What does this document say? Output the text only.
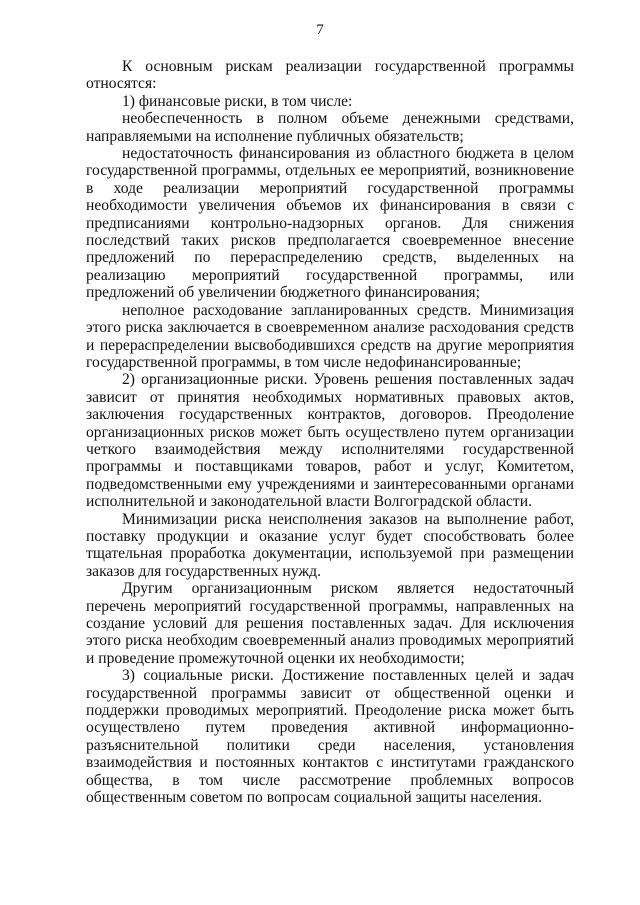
7

К основным рискам реализации государственной программы относятся:

1) финансовые риски, в том числе:

необеспеченность в полном объеме денежными средствами, направляемыми на исполнение публичных обязательств;

недостаточность финансирования из областного бюджета в целом государственной программы, отдельных ее мероприятий, возникновение в ходе реализации мероприятий государственной программы необходимости увеличения объемов их финансирования в связи с предписаниями контрольно-надзорных органов. Для снижения последствий таких рисков предполагается своевременное внесение предложений по перераспределению средств, выделенных на реализацию мероприятий государственной программы, или предложений об увеличении бюджетного финансирования;

неполное расходование запланированных средств. Минимизация этого риска заключается в своевременном анализе расходования средств и перераспределении высвободившихся средств на другие мероприятия государственной программы, в том числе недофинансированные;

2) организационные риски. Уровень решения поставленных задач зависит от принятия необходимых нормативных правовых актов, заключения государственных контрактов, договоров. Преодоление организационных рисков может быть осуществлено путем организации четкого взаимодействия между исполнителями государственной программы и поставщиками товаров, работ и услуг, Комитетом, подведомственными ему учреждениями и заинтересованными органами исполнительной и законодательной власти Волгоградской области.

Минимизации риска неисполнения заказов на выполнение работ, поставку продукции и оказание услуг будет способствовать более тщательная проработка документации, используемой при размещении заказов для государственных нужд.

Другим организационным риском является недостаточный перечень мероприятий государственной программы, направленных на создание условий для решения поставленных задач. Для исключения этого риска необходим своевременный анализ проводимых мероприятий и проведение промежуточной оценки их необходимости;

3) социальные риски. Достижение поставленных целей и задач государственной программы зависит от общественной оценки и поддержки проводимых мероприятий. Преодоление риска может быть осуществлено путем проведения активной информационно-разъяснительной политики среди населения, установления взаимодействия и постоянных контактов с институтами гражданского общества, в том числе рассмотрение проблемных вопросов общественным советом по вопросам социальной защиты населения.
